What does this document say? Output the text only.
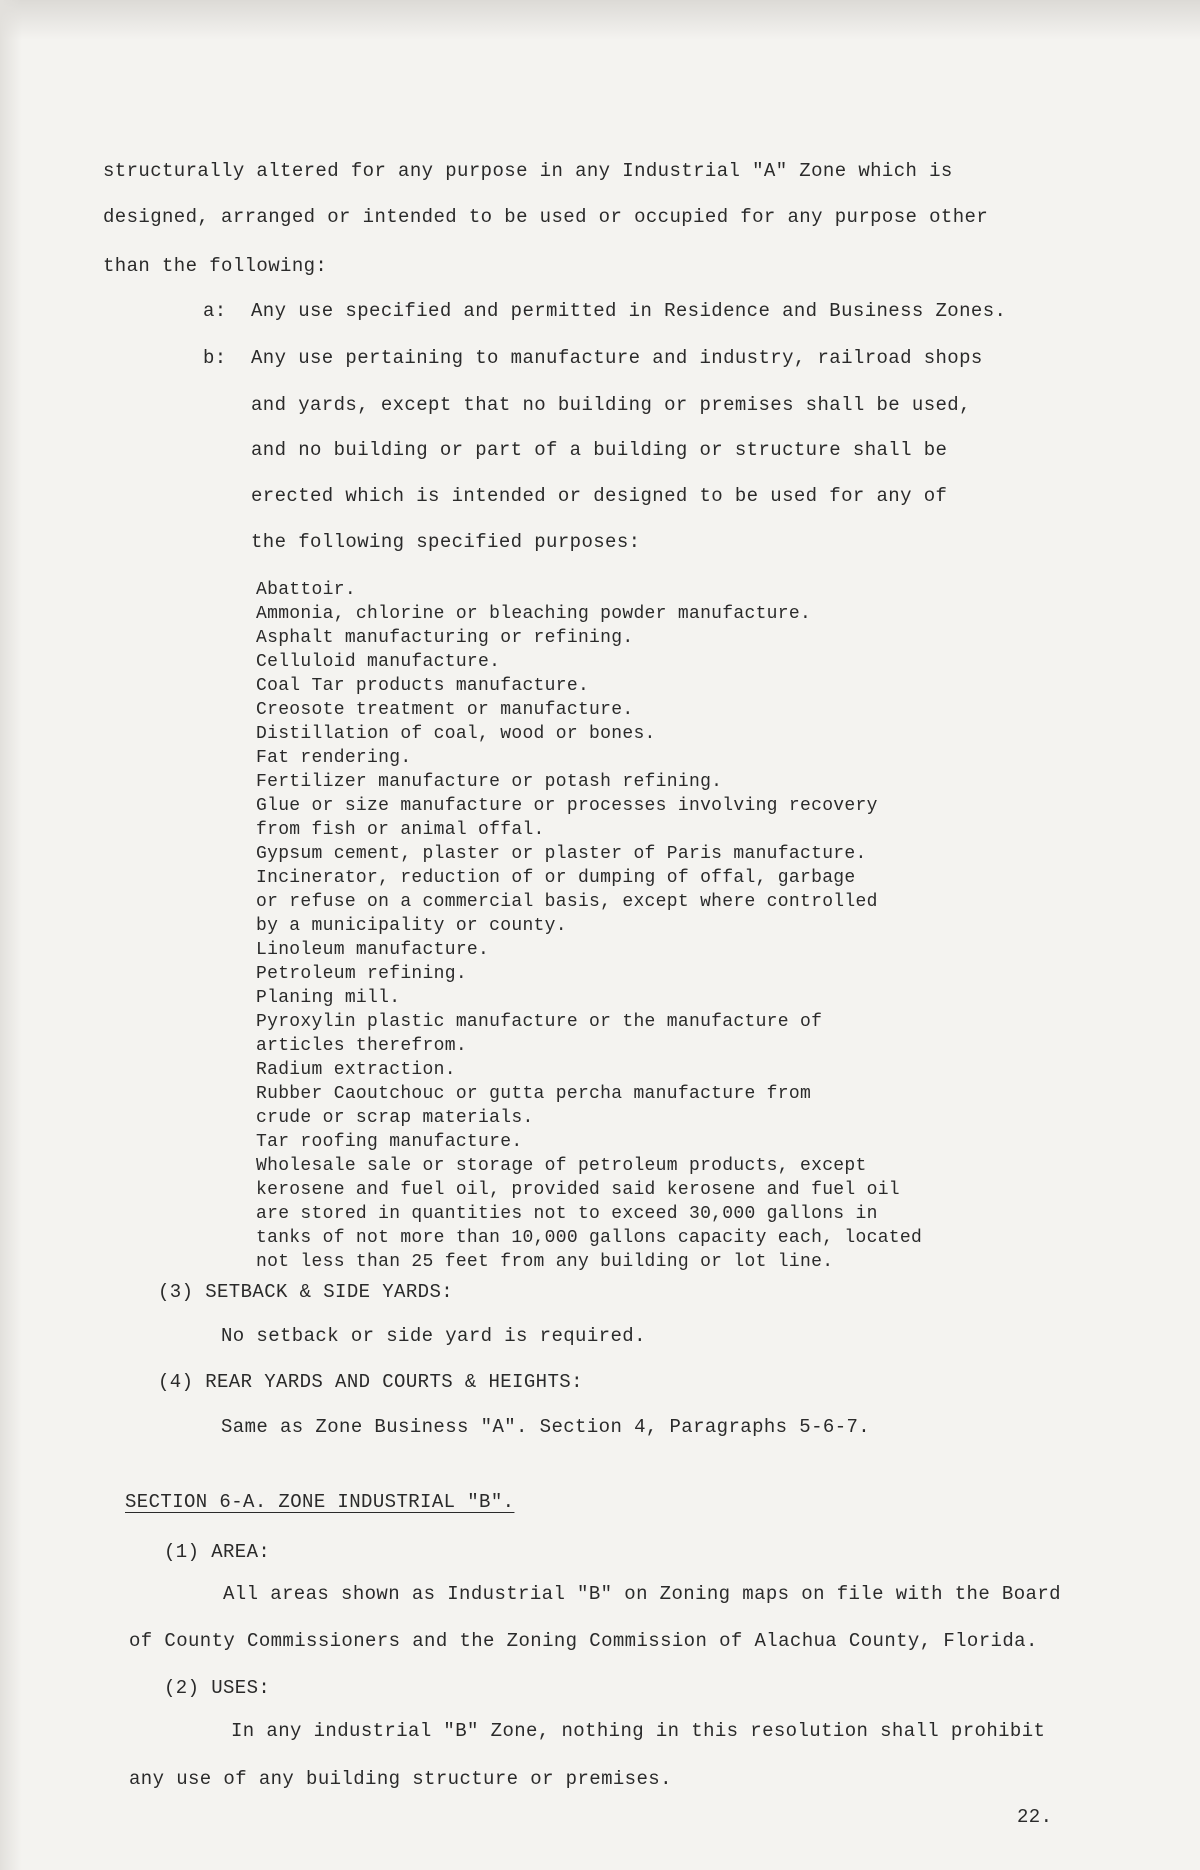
structurally altered for any purpose in any Industrial "A" Zone which is
designed, arranged or intended to be used or occupied for any purpose other
than the following:
a: Any use specified and permitted in Residence and Business Zones.
b: Any use pertaining to manufacture and industry, railroad shops
and yards, except that no building or premises shall be used,
and no building or part of a building or structure shall be
erected which is intended or designed to be used for any of
the following specified purposes:
Abattoir.
Ammonia, chlorine or bleaching powder manufacture.
Asphalt manufacturing or refining.
Celluloid manufacture.
Coal Tar products manufacture.
Creosote treatment or manufacture.
Distillation of coal, wood or bones.
Fat rendering.
Fertilizer manufacture or potash refining.
Glue or size manufacture or processes involving recovery
from fish or animal offal.
Gypsum cement, plaster or plaster of Paris manufacture.
Incinerator, reduction of or dumping of offal, garbage
or refuse on a commercial basis, except where controlled
by a municipality or county.
Linoleum manufacture.
Petroleum refining.
Planing mill.
Pyroxylin plastic manufacture or the manufacture of
articles therefrom.
Radium extraction.
Rubber Caoutchouc or gutta percha manufacture from
crude or scrap materials.
Tar roofing manufacture.
Wholesale sale or storage of petroleum products, except
kerosene and fuel oil, provided said kerosene and fuel oil
are stored in quantities not to exceed 30,000 gallons in
tanks of not more than 10,000 gallons capacity each, located
not less than 25 feet from any building or lot line.
(3) SETBACK & SIDE YARDS:
No setback or side yard is required.
(4) REAR YARDS AND COURTS & HEIGHTS:
Same as Zone Business "A". Section 4, Paragraphs 5-6-7.
SECTION 6-A. ZONE INDUSTRIAL "B".
(1) AREA:
All areas shown as Industrial "B" on Zoning maps on file with the Board
of County Commissioners and the Zoning Commission of Alachua County, Florida.
(2) USES:
In any industrial "B" Zone, nothing in this resolution shall prohibit
any use of any building structure or premises.
22.
